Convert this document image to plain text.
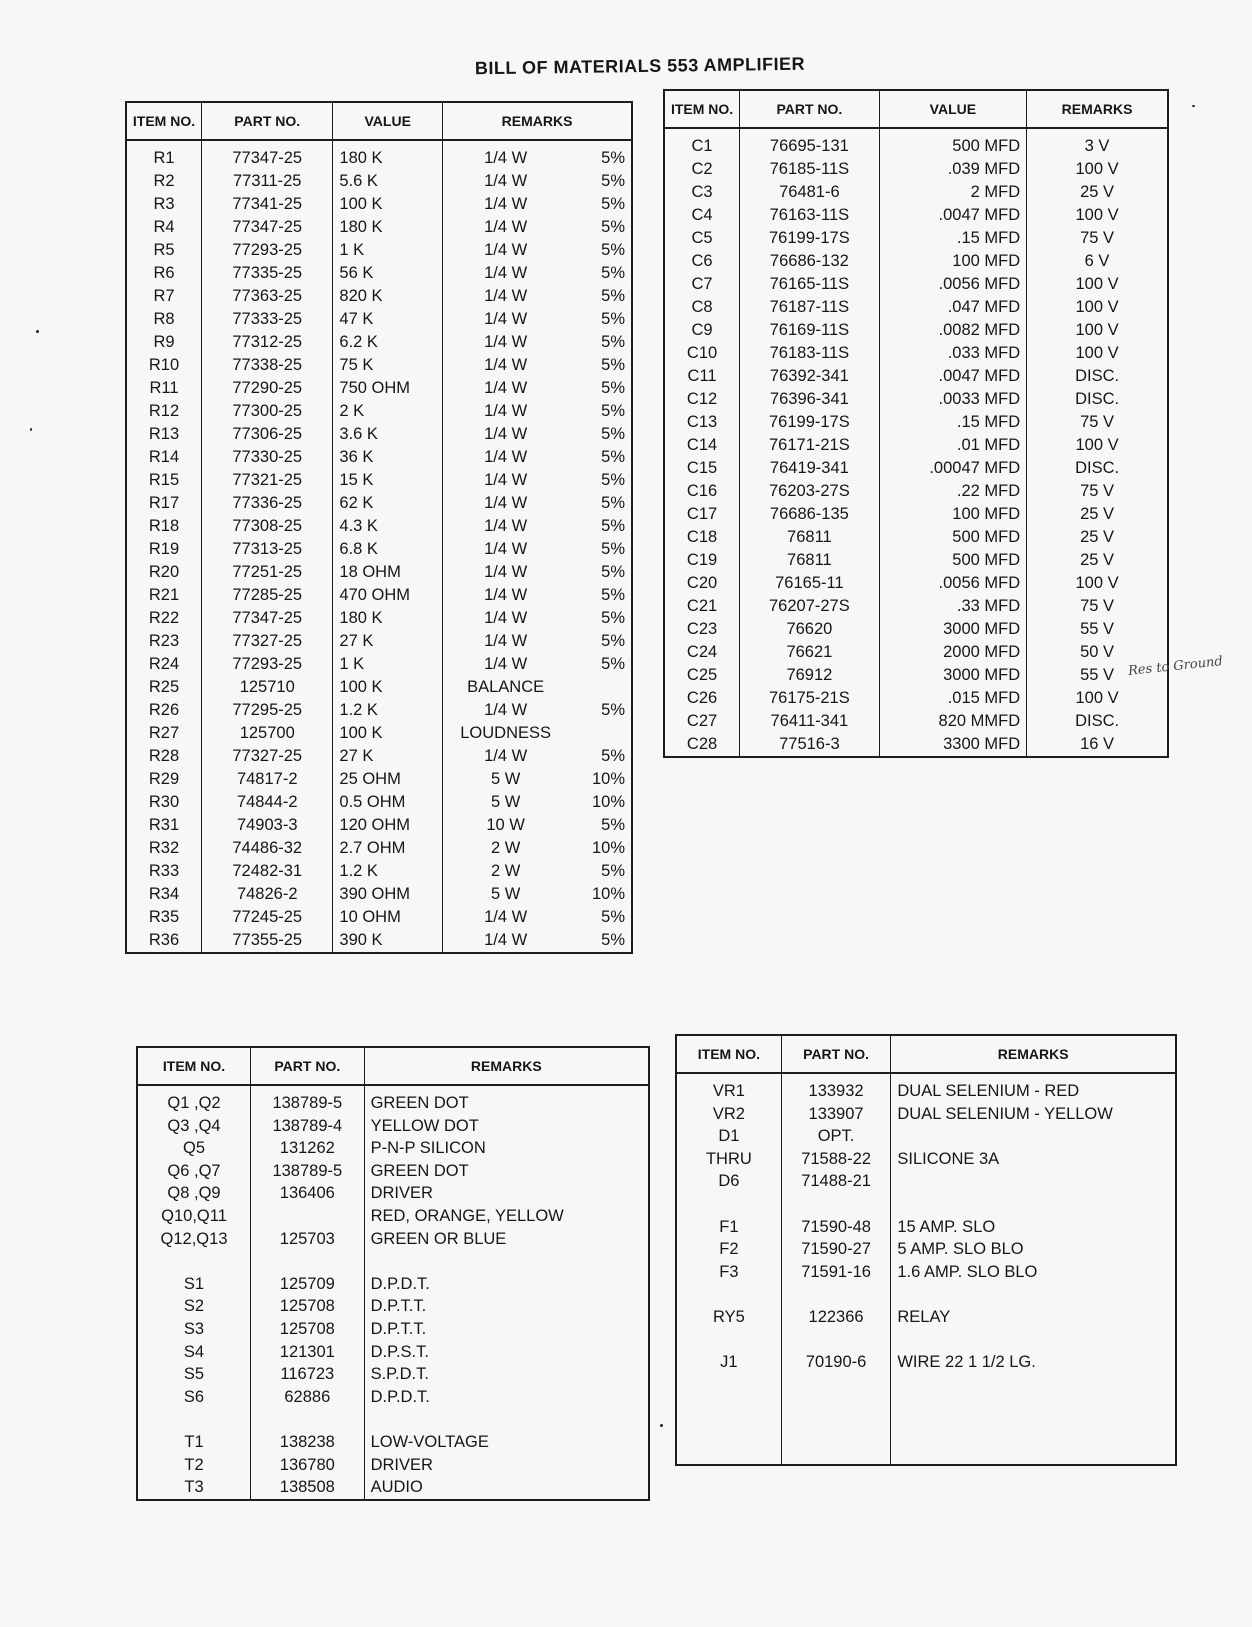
BILL OF MATERIALS 553 AMPLIFIER
ITEM NO.	PART NO.	VALUE	REMARKS	
R1	77347-25	180 K	1/4 W	5%
R2	77311-25	5.6 K	1/4 W	5%
R3	77341-25	100 K	1/4 W	5%
R4	77347-25	180 K	1/4 W	5%
R5	77293-25	1 K	1/4 W	5%
R6	77335-25	56 K	1/4 W	5%
R7	77363-25	820 K	1/4 W	5%
R8	77333-25	47 K	1/4 W	5%
R9	77312-25	6.2 K	1/4 W	5%
R10	77338-25	75 K	1/4 W	5%
R11	77290-25	750 OHM	1/4 W	5%
R12	77300-25	2 K	1/4 W	5%
R13	77306-25	3.6 K	1/4 W	5%
R14	77330-25	36 K	1/4 W	5%
R15	77321-25	15 K	1/4 W	5%
R17	77336-25	62 K	1/4 W	5%
R18	77308-25	4.3 K	1/4 W	5%
R19	77313-25	6.8 K	1/4 W	5%
R20	77251-25	18 OHM	1/4 W	5%
R21	77285-25	470 OHM	1/4 W	5%
R22	77347-25	180 K	1/4 W	5%
R23	77327-25	27 K	1/4 W	5%
R24	77293-25	1 K	1/4 W	5%
R25	125710	100 K	BALANCE	
R26	77295-25	1.2 K	1/4 W	5%
R27	125700	100 K	LOUDNESS	
R28	77327-25	27 K	1/4 W	5%
R29	74817-2	25 OHM	5 W	10%
R30	74844-2	0.5 OHM	5 W	10%
R31	74903-3	120 OHM	10 W	5%
R32	74486-32	2.7 OHM	2 W	10%
R33	72482-31	1.2 K	2 W	5%
R34	74826-2	390 OHM	5 W	10%
R35	77245-25	10 OHM	1/4 W	5%
R36	77355-25	390 K	1/4 W	5%
ITEM NO.	PART NO.	VALUE	REMARKS
C1	76695-131	500 MFD	3 V
C2	76185-11S	.039 MFD	100 V
C3	76481-6	2 MFD	25 V
C4	76163-11S	.0047 MFD	100 V
C5	76199-17S	.15 MFD	75 V
C6	76686-132	100 MFD	6 V
C7	76165-11S	.0056 MFD	100 V
C8	76187-11S	.047 MFD	100 V
C9	76169-11S	.0082 MFD	100 V
C10	76183-11S	.033 MFD	100 V
C11	76392-341	.0047 MFD	DISC.
C12	76396-341	.0033 MFD	DISC.
C13	76199-17S	.15 MFD	75 V
C14	76171-21S	.01 MFD	100 V
C15	76419-341	.00047 MFD	DISC.
C16	76203-27S	.22 MFD	75 V
C17	76686-135	100 MFD	25 V
C18	76811	500 MFD	25 V
C19	76811	500 MFD	25 V
C20	76165-11	.0056 MFD	100 V
C21	76207-27S	.33 MFD	75 V
C23	76620	3000 MFD	55 V
C24	76621	2000 MFD	50 V
C25	76912	3000 MFD	55 V
C26	76175-21S	.015 MFD	100 V
C27	76411-341	820 MMFD	DISC.
C28	77516-3	3300 MFD	16 V
Res to Ground
ITEM NO.	PART NO.	REMARKS
Q1 ,Q2	138789-5	GREEN DOT
Q3 ,Q4	138789-4	YELLOW DOT
Q5	131262	P-N-P SILICON
Q6 ,Q7	138789-5	GREEN DOT
Q8 ,Q9	136406	DRIVER
Q10,Q11		RED, ORANGE, YELLOW
Q12,Q13	125703	GREEN OR BLUE

S1	125709	D.P.D.T.
S2	125708	D.P.T.T.
S3	125708	D.P.T.T.
S4	121301	D.P.S.T.
S5	116723	S.P.D.T.
S6	62886	D.P.D.T.

T1	138238	LOW-VOLTAGE
T2	136780	DRIVER
T3	138508	AUDIO
ITEM NO.	PART NO.	REMARKS
VR1	133932	DUAL SELENIUM - RED
VR2	133907	DUAL SELENIUM - YELLOW
D1	OPT.	
THRU	71588-22	SILICONE 3A
D6	71488-21	

F1	71590-48	15 AMP. SLO
F2	71590-27	5 AMP. SLO BLO
F3	71591-16	1.6 AMP. SLO BLO

RY5	122366	RELAY

J1	70190-6	WIRE 22 1 1/2 LG.
